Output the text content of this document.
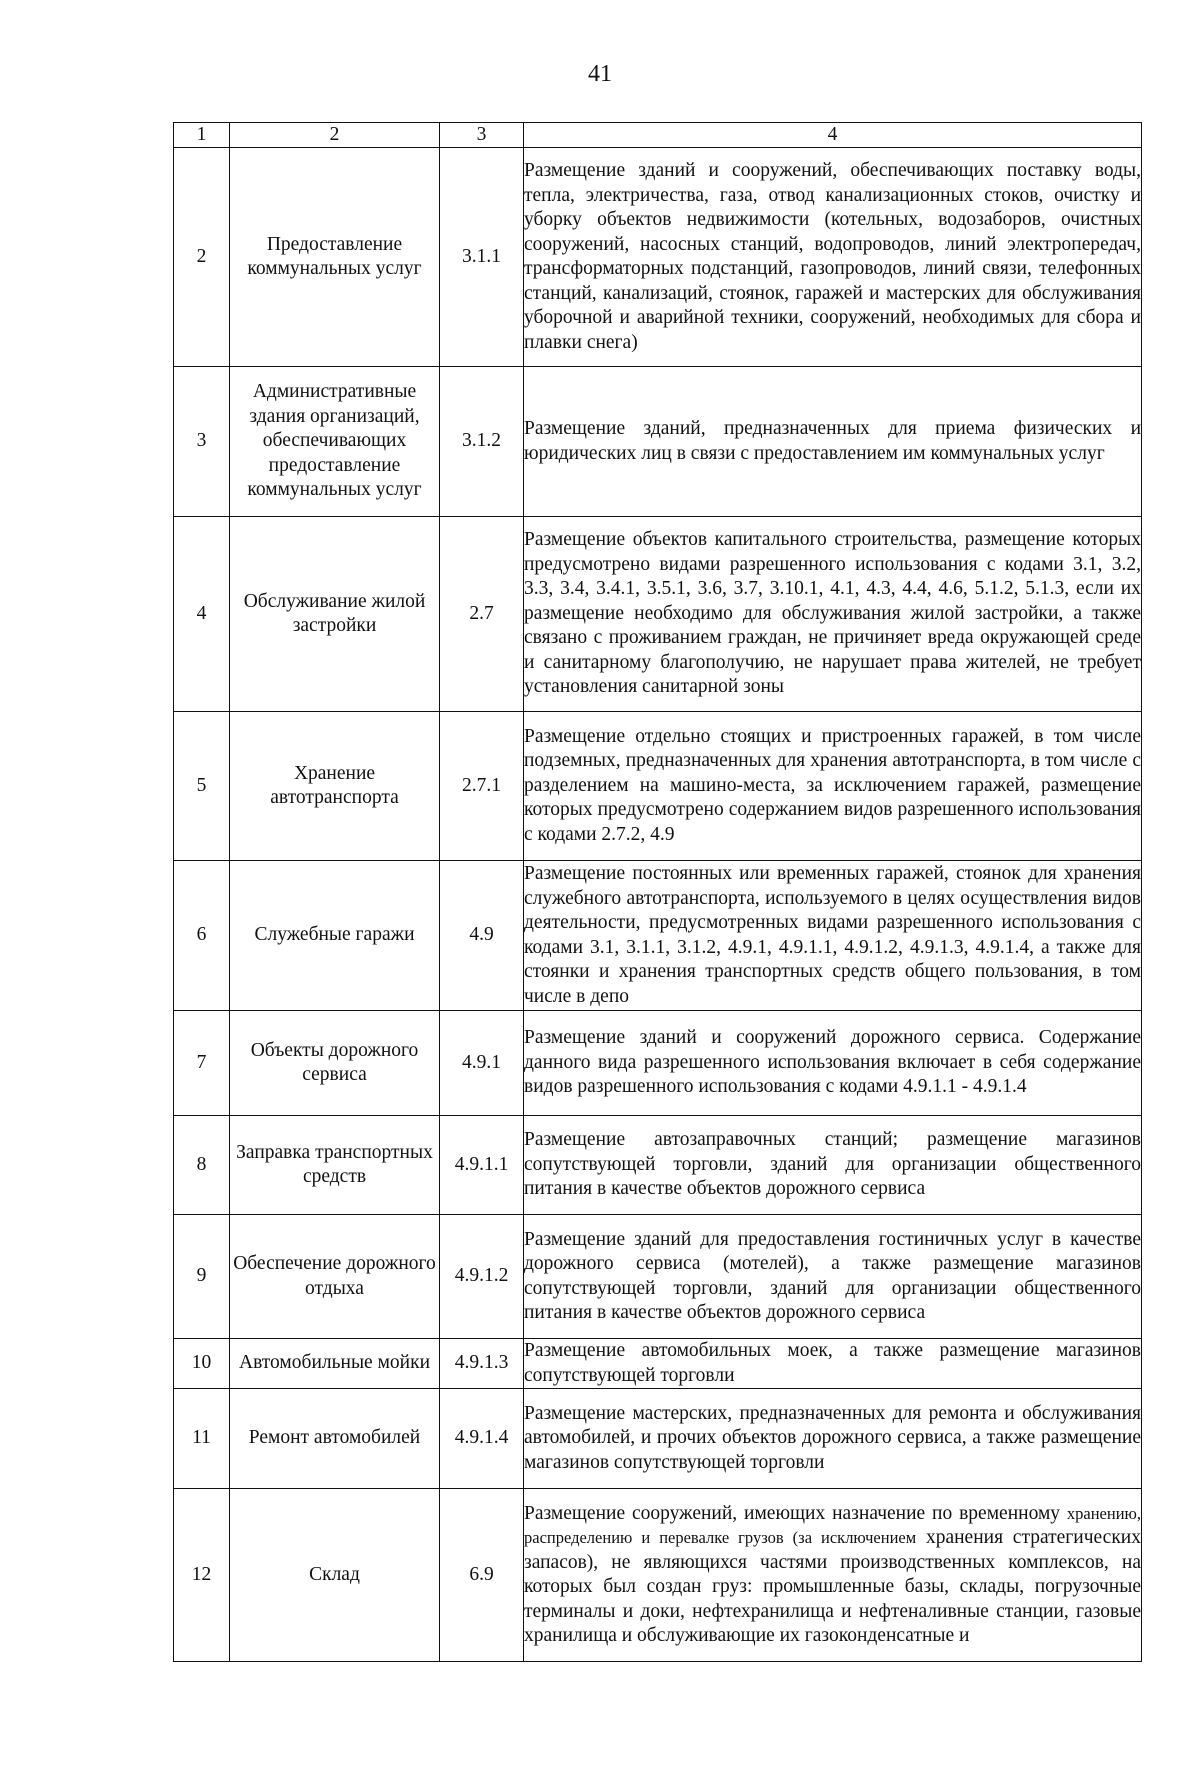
41
1	2	3	4
2	Предоставление коммунальных услуг	3.1.1	Размещение зданий и сооружений, обеспечивающих поставку воды, тепла, электричества, газа, отвод канализационных стоков, очистку и уборку объектов недвижимости (котельных, водозаборов, очистных сооружений, насосных станций, водопроводов, линий электропередач, трансформаторных подстанций, газопроводов, линий связи, телефонных станций, канализаций, стоянок, гаражей и мастерских для обслуживания уборочной и аварийной техники, сооружений, необходимых для сбора и плавки снега)
3	Административные здания организаций, обеспечивающих предоставление коммунальных услуг	3.1.2	Размещение зданий, предназначенных для приема физических и юридических лиц в связи с предоставлением им коммунальных услуг
4	Обслуживание жилой застройки	2.7	Размещение объектов капитального строительства, размещение которых предусмотрено видами разрешенного использования с кодами 3.1, 3.2, 3.3, 3.4, 3.4.1, 3.5.1, 3.6, 3.7, 3.10.1, 4.1, 4.3, 4.4, 4.6, 5.1.2, 5.1.3, если их размещение необходимо для обслуживания жилой застройки, а также связано с проживанием граждан, не причиняет вреда окружающей среде и санитарному благополучию, не нарушает права жителей, не требует установления санитарной зоны
5	Хранение автотранспорта	2.7.1	Размещение отдельно стоящих и пристроенных гаражей, в том числе подземных, предназначенных для хранения автотранспорта, в том числе с разделением на машино-места, за исключением гаражей, размещение которых предусмотрено содержанием видов разрешенного использования с кодами 2.7.2, 4.9
6	Служебные гаражи	4.9	Размещение постоянных или временных гаражей, стоянок для хранения служебного автотранспорта, используемого в целях осуществления видов деятельности, предусмотренных видами разрешенного использования с кодами 3.1, 3.1.1, 3.1.2, 4.9.1, 4.9.1.1, 4.9.1.2, 4.9.1.3, 4.9.1.4, а также для стоянки и хранения транспортных средств общего пользования, в том числе в депо
7	Объекты дорожного сервиса	4.9.1	Размещение зданий и сооружений дорожного сервиса. Содержание данного вида разрешенного использования включает в себя содержание видов разрешенного использования с кодами 4.9.1.1 - 4.9.1.4
8	Заправка транспортных средств	4.9.1.1	Размещение автозаправочных станций; размещение магазинов сопутствующей торговли, зданий для организации общественного питания в качестве объектов дорожного сервиса
9	Обеспечение дорожного отдыха	4.9.1.2	Размещение зданий для предоставления гостиничных услуг в качестве дорожного сервиса (мотелей), а также размещение магазинов сопутствующей торговли, зданий для организации общественного питания в качестве объектов дорожного сервиса
10	Автомобильные мойки	4.9.1.3	Размещение автомобильных моек, а также размещение магазинов сопутствующей торговли
11	Ремонт автомобилей	4.9.1.4	Размещение мастерских, предназначенных для ремонта и обслуживания автомобилей, и прочих объектов дорожного сервиса, а также размещение магазинов сопутствующей торговли
12	Склад	6.9	Размещение сооружений, имеющих назначение по временному хранению, распределению и перевалке грузов (за исключением хранения стратегических запасов), не являющихся частями производственных комплексов, на которых был создан груз: промышленные базы, склады, погрузочные терминалы и доки, нефтехранилища и нефтеналивные станции, газовые хранилища и обслуживающие их газоконденсатные и
